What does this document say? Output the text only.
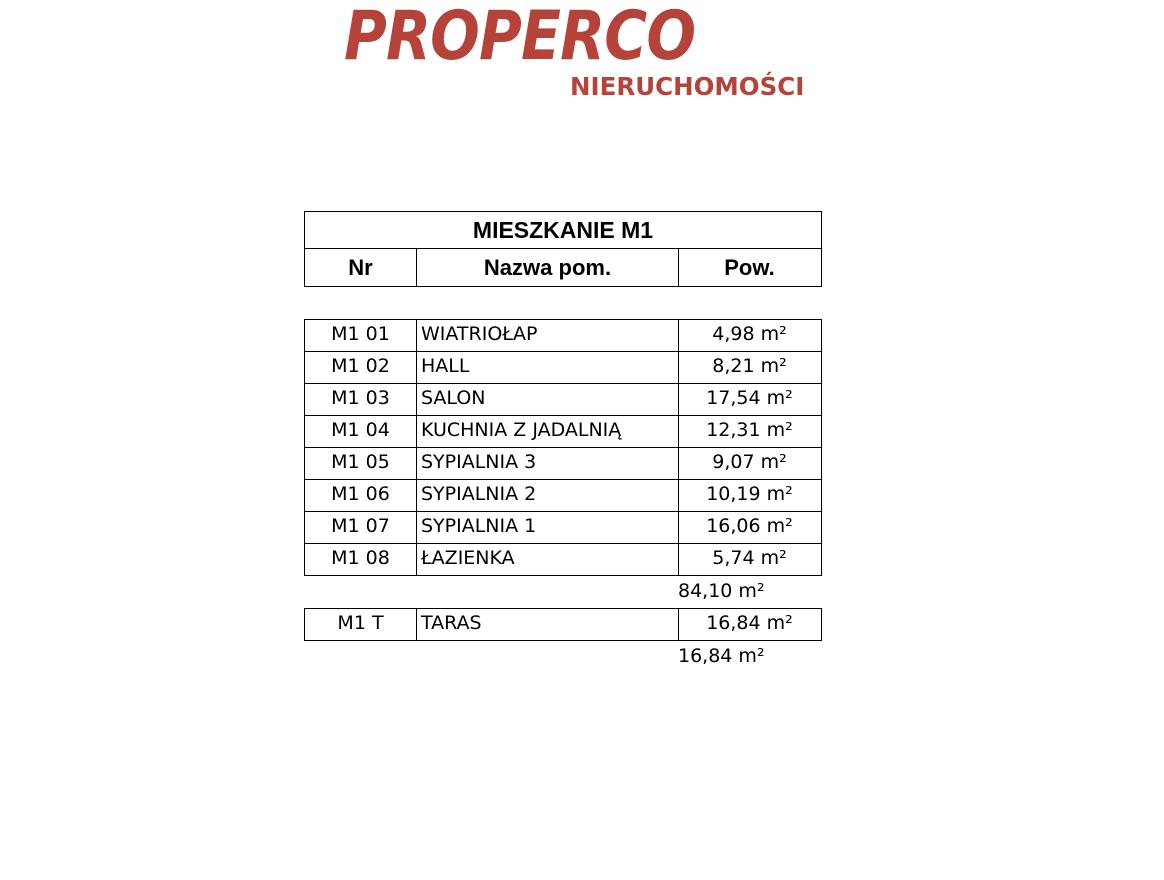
PROPERCO
NIERUCHOMOŚCI
MIESZKANIE M1
Nr	Nazwa pom.	Pow.
M1 01	WIATRIOŁAP	4,98 m²
M1 02	HALL	8,21 m²
M1 03	SALON	17,54 m²
M1 04	KUCHNIA Z JADALNIĄ	12,31 m²
M1 05	SYPIALNIA 3	9,07 m²
M1 06	SYPIALNIA 2	10,19 m²
M1 07	SYPIALNIA 1	16,06 m²
M1 08	ŁAZIENKA	5,74 m²
84,10 m²
M1 T	TARAS	16,84 m²
16,84 m²
